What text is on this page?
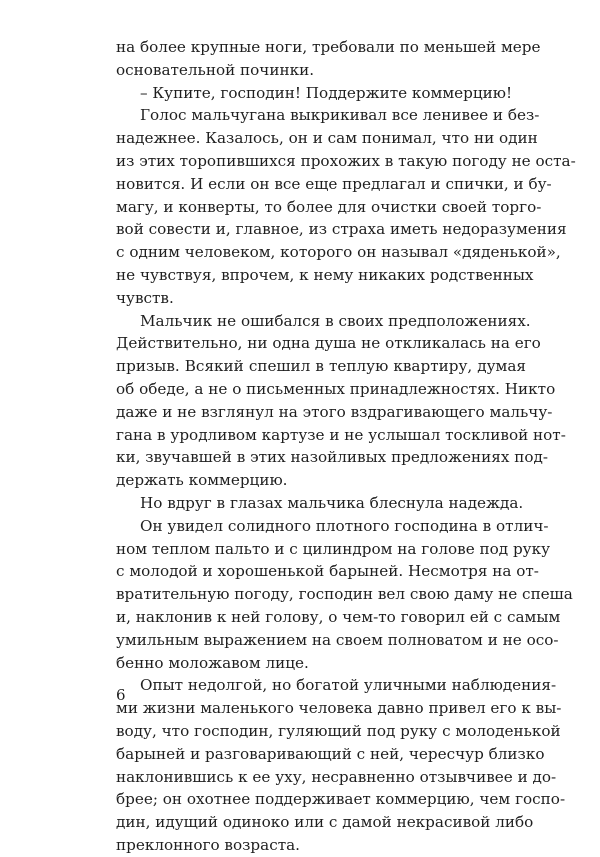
на более крупные ноги, требовали по меньшей мере
основательной починки.
– Купите, господин! Поддержите коммерцию!
Голос мальчугана выкрикивал все ленивее и без-
надежнее. Казалось, он и сам понимал, что ни один
из этих торопившихся прохожих в такую погоду не оста-
новится. И если он все еще предлагал и спички, и бу-
магу, и конверты, то более для очистки своей торго-
вой совести и, главное, из страха иметь недоразумения
с одним человеком, которого он называл «дяденькой»,
не чувствуя, впрочем, к нему никаких родственных
чувств.
Мальчик не ошибался в своих предположениях.
Действительно, ни одна душа не откликалась на его
призыв. Всякий спешил в теплую квартиру, думая
об обеде, а не о письменных принадлежностях. Никто
даже и не взглянул на этого вздрагивающего мальчу-
гана в уродливом картузе и не услышал тоскливой нот-
ки, звучавшей в этих назойливых предложениях под-
держать коммерцию.
Но вдруг в глазах мальчика блеснула надежда.
Он увидел солидного плотного господина в отлич-
ном теплом пальто и с цилиндром на голове под руку
с молодой и хорошенькой барыней. Несмотря на от-
вратительную погоду, господин вел свою даму не спеша
и, наклонив к ней голову, о чем-то говорил ей с самым
умильным выражением на своем полноватом и не осо-
бенно моложавом лице.
Опыт недолгой, но богатой уличными наблюдения-
ми жизни маленького человека давно привел его к вы-
воду, что господин, гуляющий под руку с молоденькой
барыней и разговаривающий с ней, чересчур близко
наклонившись к ее уху, несравненно отзывчивее и до-
брее; он охотнее поддерживает коммерцию, чем госпо-
дин, идущий одиноко или с дамой некрасивой либо
преклонного возраста.
6
